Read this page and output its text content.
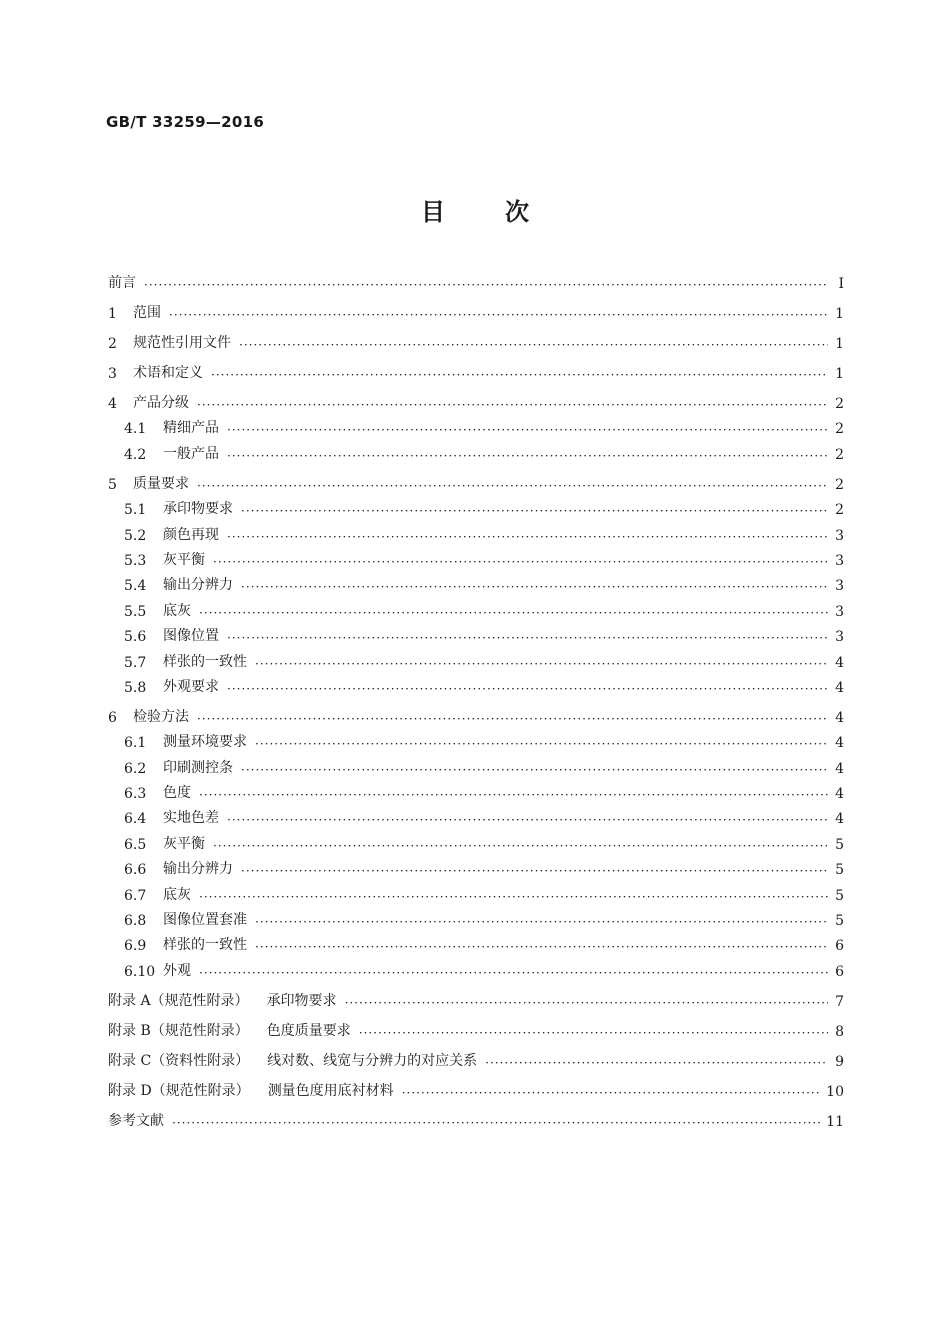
GB/T 33259—2016
目	次
前言 ·····	Ⅰ
1	范围 ·····	1
2	规范性引用文件 ·····	1
3	术语和定义 ·····	1
4	产品分级 ·····	2
4.1	精细产品 ·····	2
4.2	一般产品 ·····	2
5	质量要求 ·····	2
5.1	承印物要求 ·····	2
5.2	颜色再现 ·····	3
5.3	灰平衡 ·····	3
5.4	输出分辨力 ·····	3
5.5	底灰 ·····	3
5.6	图像位置 ·····	3
5.7	样张的一致性 ·····	4
5.8	外观要求 ·····	4
6	检验方法 ·····	4
6.1	测量环境要求 ·····	4
6.2	印刷测控条 ·····	4
6.3	色度 ·····	4
6.4	实地色差 ·····	4
6.5	灰平衡 ·····	5
6.6	输出分辨力 ·····	5
6.7	底灰 ·····	5
6.8	图像位置套准 ·····	5
6.9	样张的一致性 ·····	6
6.10 外观 ·····	6
附录 A（规范性附录） 承印物要求 ·····	7
附录 B（规范性附录） 色度质量要求 ·····	8
附录 C（资料性附录） 线对数、线宽与分辨力的对应关系 ·····	9
附录 D（规范性附录） 测量色度用底衬材料 ·····	10
参考文献 ·····	11
